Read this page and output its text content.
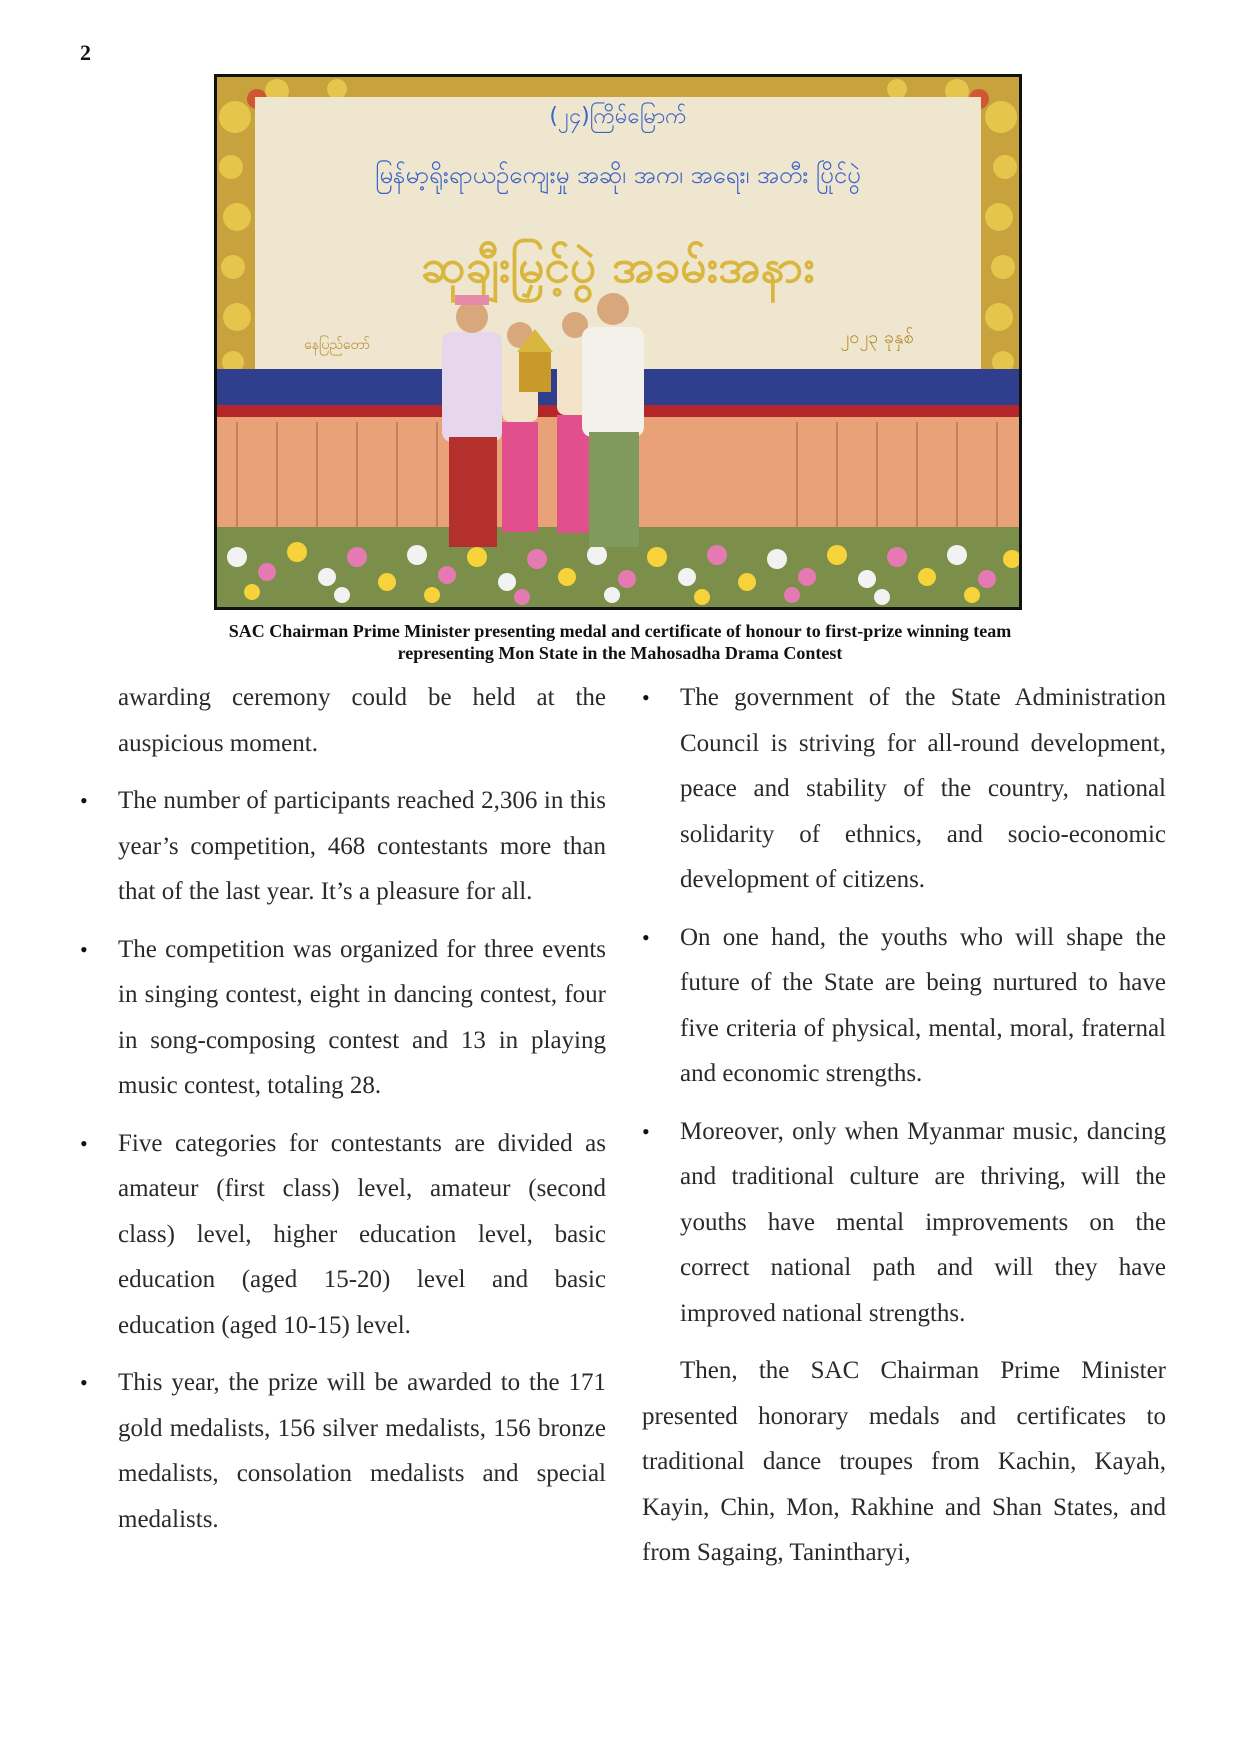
2
(၂၄)ကြိမ်မြောက်
မြန်မာ့ရိုးရာယဉ်ကျေးမှု အဆို၊ အက၊ အရေး၊ အတီး ပြိုင်ပွဲ
ဆုချီးမြှင့်ပွဲ အခမ်းအနား
နေပြည်တော်	၂၀၂၃ ခုနှစ်
SAC Chairman Prime Minister presenting medal and certificate of honour to first-prize winning team
representing Mon State in the Mahosadha Drama Contest

awarding ceremony could be held at the auspicious moment.

• The number of participants reached 2,306 in this year’s competition, 468 contestants more than that of the last year. It’s a pleasure for all.
• The competition was organized for three events in singing contest, eight in dancing contest, four in song-composing contest and 13 in playing music contest, totaling 28.
• Five categories for contestants are divided as amateur (first class) level, amateur (second class) level, higher education level, basic education (aged 15-20) level and basic education (aged 10-15) level.
• This year, the prize will be awarded to the 171 gold medalists, 156 silver medalists, 156 bronze medalists, consolation medalists and special medalists.
• The government of the State Administration Council is striving for all-round development, peace and stability of the country, national solidarity of ethnics, and socio-economic development of citizens.
• On one hand, the youths who will shape the future of the State are being nurtured to have five criteria of physical, mental, moral, fraternal and economic strengths.
• Moreover, only when Myanmar music, dancing and traditional culture are thriving, will the youths have mental improvements on the correct national path and will they have improved national strengths.

Then, the SAC Chairman Prime Minister presented honorary medals and certificates to traditional dance troupes from Kachin, Kayah, Kayin, Chin, Mon, Rakhine and Shan States, and from Sagaing, Tanintharyi,
